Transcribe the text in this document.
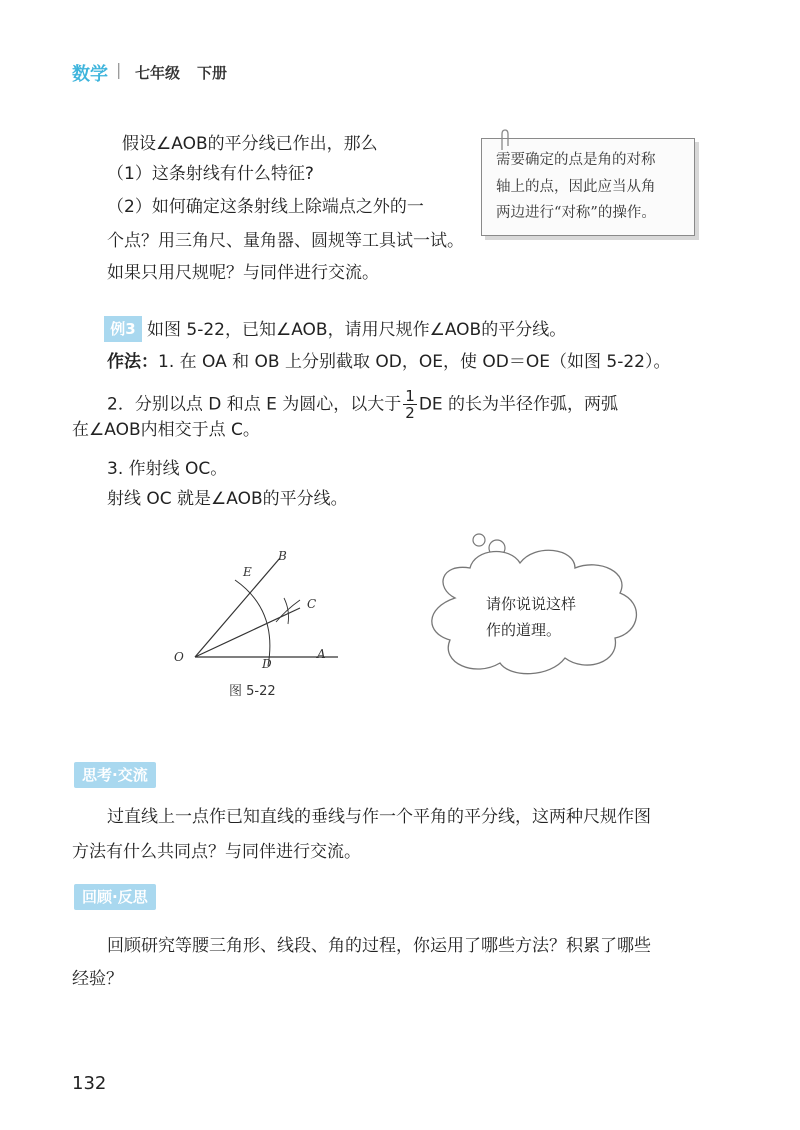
数学 | 七年级 下册
假设∠AOB的平分线已作出，那么
（1）这条射线有什么特征?
（2）如何确定这条射线上除端点之外的一
个点？用三角尺、量角器、圆规等工具试一试。
如果只用尺规呢？与同伴进行交流。
需要确定的点是角的对称
轴上的点，因此应当从角
两边进行“对称”的操作。
例3 如图 5-22，已知∠AOB，请用尺规作∠AOB的平分线。
作法：1. 在 OA 和 OB 上分别截取 OD，OE，使 OD＝OE（如图 5-22）。
2．分别以点 D 和点 E 为圆心，以大于 $\frac{1}{2}$ DE 的长为半径作弧，两弧
在∠AOB内相交于点 C。
3. 作射线 OC。
射线 OC 就是∠AOB的平分线。
O	A
B
C
D
E
图 5-22
请你说说这样
作的道理。
思考·交流
过直线上一点作已知直线的垂线与作一个平角的平分线，这两种尺规作图
方法有什么共同点？与同伴进行交流。
回顾·反思
回顾研究等腰三角形、线段、角的过程，你运用了哪些方法？积累了哪些
经验？
132
